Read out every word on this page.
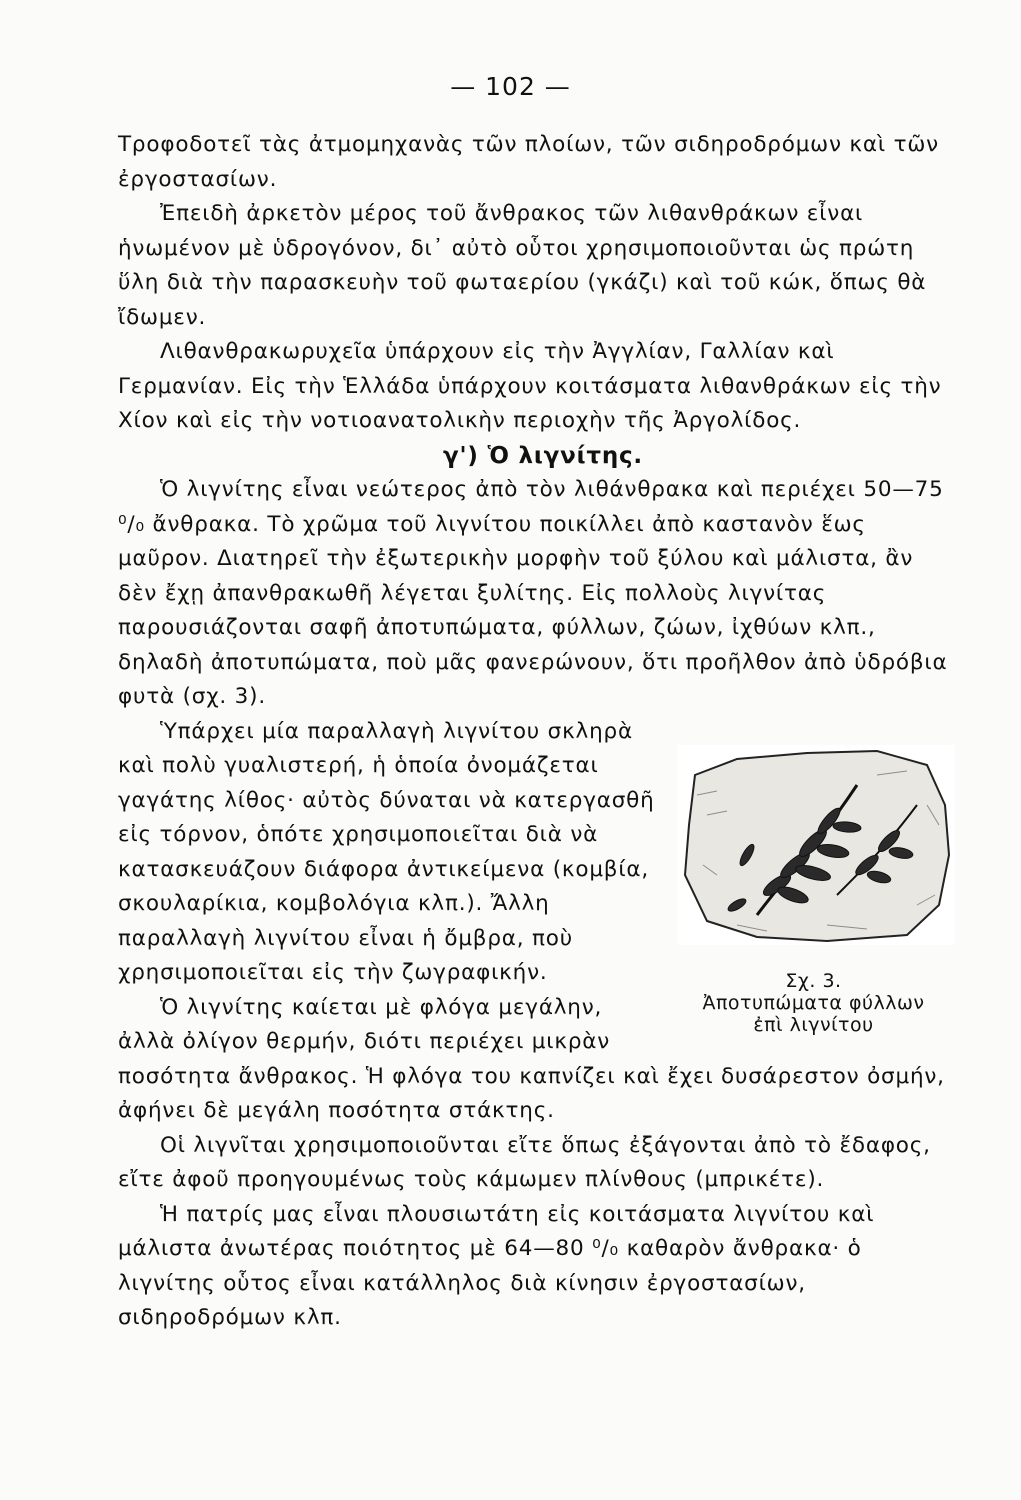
— 102 —

Τροφοδοτεῖ τὰς ἀτμομηχανὰς τῶν πλοίων, τῶν σιδηροδρόμων καὶ τῶν ἐργοστασίων.

Ἐπειδὴ ἀρκετὸν μέρος τοῦ ἄνθρακος τῶν λιθανθράκων εἶναι ἡνωμένον μὲ ὑδρογόνον, δι᾿ αὐτὸ οὗτοι χρησιμοποιοῦνται ὡς πρώτη ὕλη διὰ τὴν παρασκευὴν τοῦ φωταερίου (γκάζι) καὶ τοῦ κώκ, ὅπως θὰ ἴδωμεν.

Λιθανθρακωρυχεῖα ὑπάρχουν εἰς τὴν Ἀγγλίαν, Γαλλίαν καὶ Γερμανίαν. Εἰς τὴν Ἑλλάδα ὑπάρχουν κοιτάσματα λιθανθράκων εἰς τὴν Χίον καὶ εἰς τὴν νοτιοανατολικὴν περιοχὴν τῆς Ἀργολίδος.

γ') Ὁ λιγνίτης.

Ὁ λιγνίτης εἶναι νεώτερος ἀπὸ τὸν λιθάνθρακα καὶ περιέχει 50—75 ⁰/₀ ἄνθρακα. Τὸ χρῶμα τοῦ λιγνίτου ποικίλλει ἀπὸ καστανὸν ἕως μαῦρον. Διατηρεῖ τὴν ἐξωτερικὴν μορφὴν τοῦ ξύλου καὶ μάλιστα, ἂν δὲν ἔχῃ ἀπανθρακωθῆ λέγεται ξυλίτης. Εἰς πολλοὺς λιγνίτας παρουσιάζονται σαφῆ ἀποτυπώματα, φύλλων, ζώων, ἰχθύων κλπ., δηλαδὴ ἀποτυπώματα, ποὺ μᾶς φανερώνουν, ὅτι προῆλθον ἀπὸ ὑδρόβια φυτὰ (σχ. 3).

Σχ. 3.
Ἀποτυπώματα φύλλων
ἐπὶ λιγνίτου

Ὑπάρχει μία παραλλαγὴ λιγνίτου σκληρὰ καὶ πολὺ γυαλιστερή, ἡ ὁποία ὀνομάζεται γαγάτης λίθος· αὐτὸς δύναται νὰ κατεργασθῆ εἰς τόρνον, ὁπότε χρησιμοποιεῖται διὰ νὰ κατασκευάζουν διάφορα ἀντικείμενα (κομβία, σκουλαρίκια, κομβολόγια κλπ.). Ἄλλη παραλλαγὴ λιγνίτου εἶναι ἡ ὄμβρα, ποὺ χρησιμοποιεῖται εἰς τὴν ζωγραφικήν.

Ὁ λιγνίτης καίεται μὲ φλόγα μεγάλην, ἀλλὰ ὀλίγον θερμήν, διότι περιέχει μικρὰν ποσότητα ἄνθρακος. Ἡ φλόγα του καπνίζει καὶ ἔχει δυσάρεστον ὀσμήν, ἀφήνει δὲ μεγάλη ποσότητα στάκτης.

Οἱ λιγνῖται χρησιμοποιοῦνται εἴτε ὅπως ἐξάγονται ἀπὸ τὸ ἔδαφος, εἴτε ἀφοῦ προηγουμένως τοὺς κάμωμεν πλίνθους (μπρικέτε).

Ἡ πατρίς μας εἶναι πλουσιωτάτη εἰς κοιτάσματα λιγνίτου καὶ μάλιστα ἀνωτέρας ποιότητος μὲ 64—80 ⁰/₀ καθαρὸν ἄνθρακα· ὁ λιγνίτης οὗτος εἶναι κατάλληλος διὰ κίνησιν ἐργοστασίων, σιδηροδρόμων κλπ.
